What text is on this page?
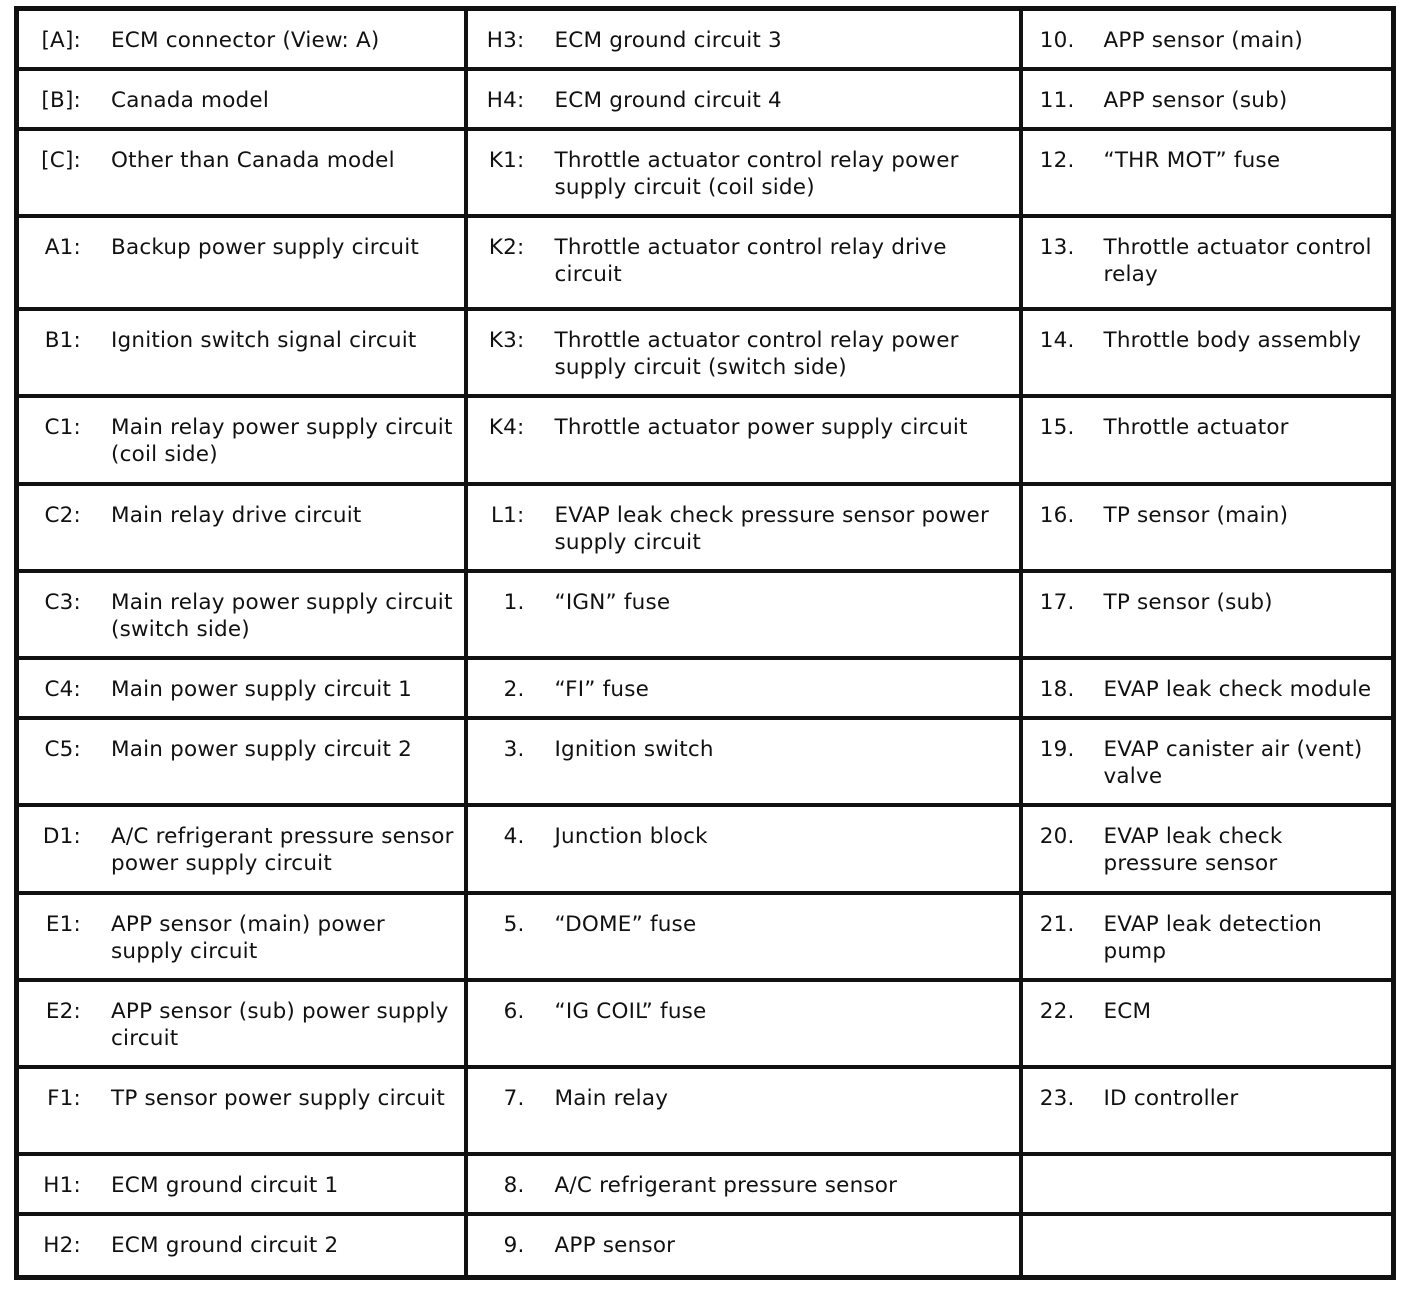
[A]: ECM connector (View: A)	H3: ECM ground circuit 3	10. APP sensor (main)

[B]: Canada model	H4: ECM ground circuit 4	11. APP sensor (sub)

[C]: Other than Canada model	K1: Throttle actuator control relay power supply circuit (coil side)	12. “THR MOT” fuse

A1: Backup power supply circuit	K2: Throttle actuator control relay drive circuit	13. Throttle actuator control relay

B1: Ignition switch signal circuit	K3: Throttle actuator control relay power supply circuit (switch side)	14. Throttle body assembly

C1: Main relay power supply circuit (coil side)	K4: Throttle actuator power supply circuit	15. Throttle actuator

C2: Main relay drive circuit	L1: EVAP leak check pressure sensor power supply circuit	16. TP sensor (main)

C3: Main relay power supply circuit (switch side)	1. “IGN” fuse	17. TP sensor (sub)

C4: Main power supply circuit 1	2. “FI” fuse	18. EVAP leak check module

C5: Main power supply circuit 2	3. Ignition switch	19. EVAP canister air (vent) valve

D1: A/C refrigerant pressure sensor power supply circuit	4. Junction block	20. EVAP leak check pressure sensor

E1: APP sensor (main) power supply circuit	5. “DOME” fuse	21. EVAP leak detection pump

E2: APP sensor (sub) power supply circuit	6. “IG COIL” fuse	22. ECM

F1: TP sensor power supply circuit	7. Main relay	23. ID controller

H1: ECM ground circuit 1	8. A/C refrigerant pressure sensor	

H2: ECM ground circuit 2	9. APP sensor	
